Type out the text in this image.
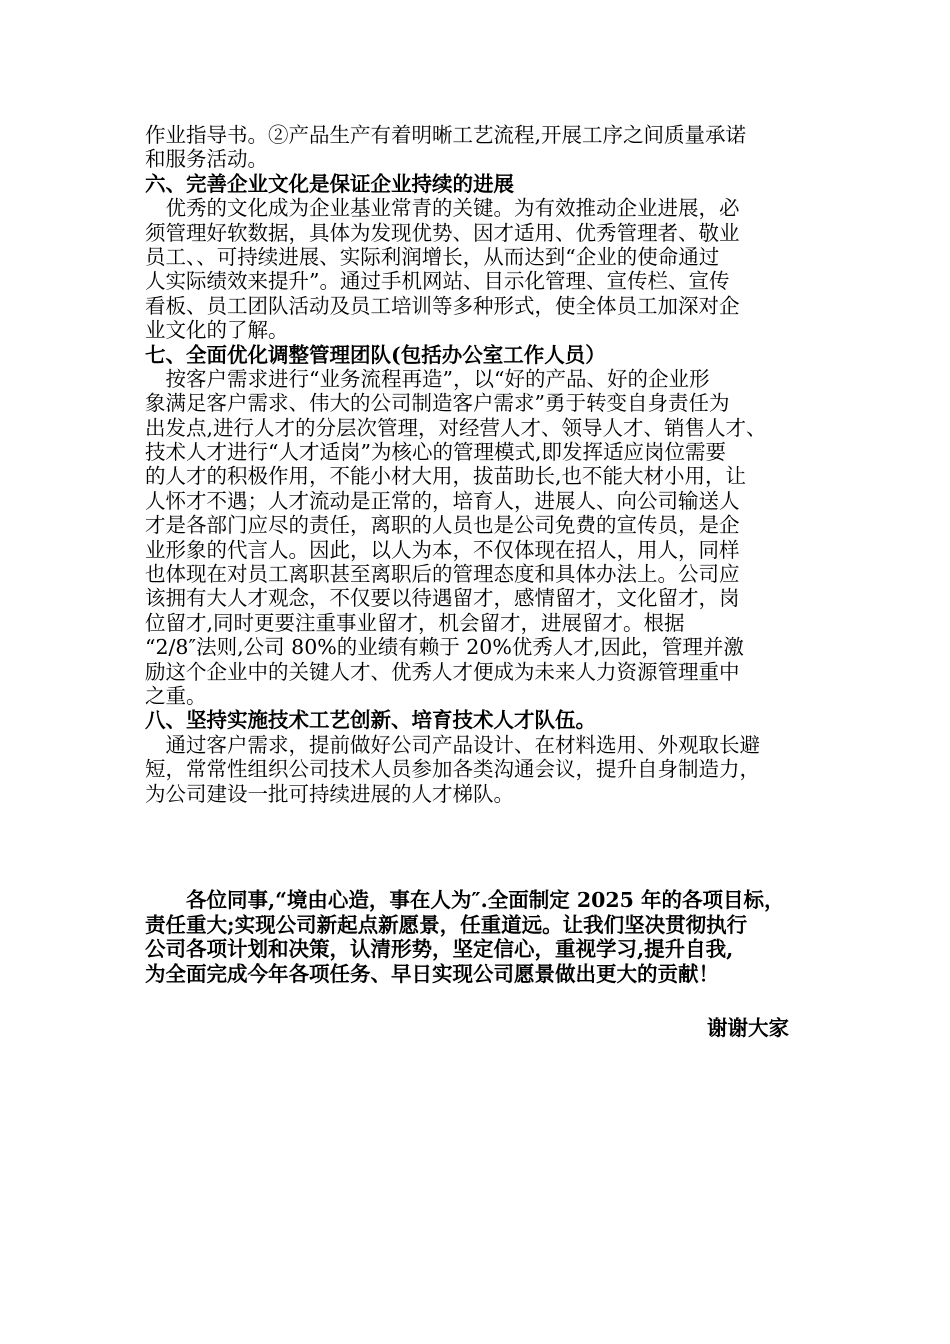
作业指导书。②产品生产有着明晰工艺流程,开展工序之间质量承诺
和服务活动。
六、完善企业文化是保证企业持续的进展
　优秀的文化成为企业基业常青的关键。为有效推动企业进展，必
须管理好软数据，具体为发现优势、因才适用、优秀管理者、敬业
员工、、可持续进展、实际利润增长，从而达到“企业的使命通过
人实际绩效来提升”。通过手机网站、目示化管理、宣传栏、宣传
看板、员工团队活动及员工培训等多种形式，使全体员工加深对企
业文化的了解。
七、全面优化调整管理团队(包括办公室工作人员）
　按客户需求进行“业务流程再造”，以“好的产品、好的企业形
象满足客户需求、伟大的公司制造客户需求”勇于转变自身责任为
出发点,进行人才的分层次管理，对经营人才、领导人才、销售人才、
技术人才进行“人才适岗”为核心的管理模式,即发挥适应岗位需要
的人才的积极作用，不能小材大用，拔苗助长,也不能大材小用，让
人怀才不遇；人才流动是正常的，培育人，进展人、向公司输送人
才是各部门应尽的责任，离职的人员也是公司免费的宣传员，是企
业形象的代言人。因此，以人为本，不仅体现在招人，用人，同样
也体现在对员工离职甚至离职后的管理态度和具体办法上。公司应
该拥有大人才观念，不仅要以待遇留才，感情留才，文化留才，岗
位留才,同时更要注重事业留才，机会留才，进展留才。根据
“2/8″法则,公司 80%的业绩有赖于 20%优秀人才,因此，管理并激
励这个企业中的关键人才、优秀人才便成为未来人力资源管理重中
之重。
八、坚持实施技术工艺创新、培育技术人才队伍。
　通过客户需求，提前做好公司产品设计、在材料选用、外观取长避
短，常常性组织公司技术人员参加各类沟通会议，提升自身制造力，
为公司建设一批可持续进展的人才梯队。
　　各位同事,“境由心造，事在人为″.全面制定 2025 年的各项目标，
责任重大;实现公司新起点新愿景，任重道远。让我们坚决贯彻执行
公司各项计划和决策，认清形势，坚定信心，重视学习,提升自我,
为全面完成今年各项任务、早日实现公司愿景做出更大的贡献！
谢谢大家
